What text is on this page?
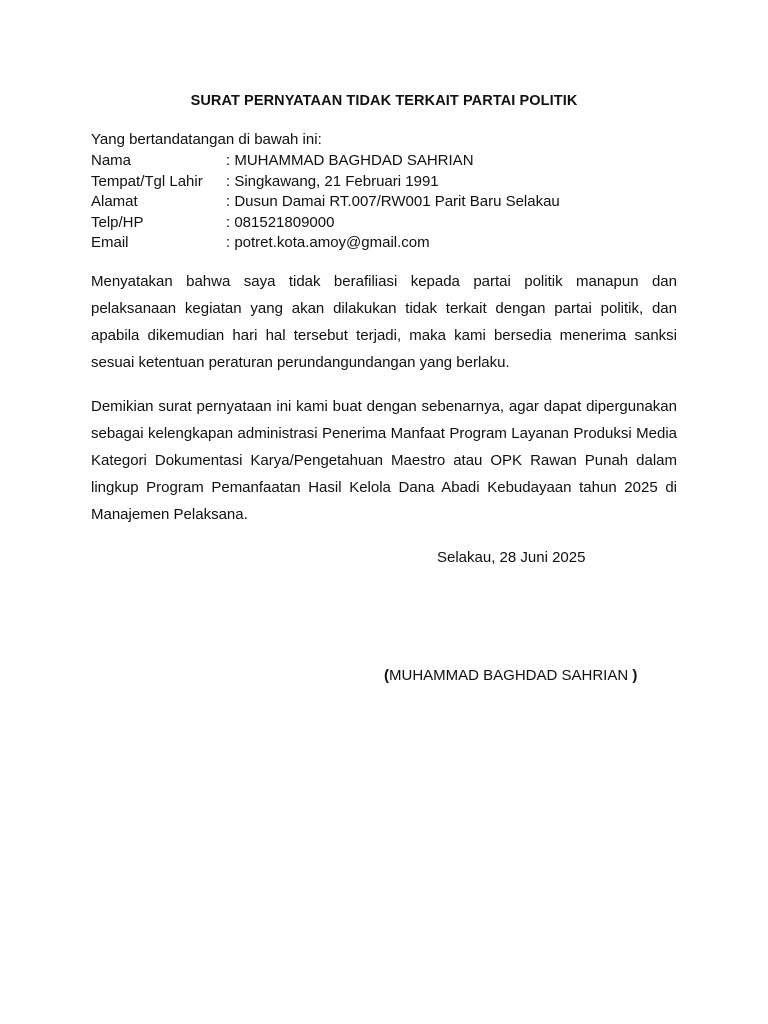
SURAT PERNYATAAN TIDAK TERKAIT PARTAI POLITIK
Yang bertandatangan di bawah ini:
Nama	: MUHAMMAD BAGHDAD SAHRIAN
Tempat/Tgl Lahir : Singkawang, 21 Februari 1991
Alamat	: Dusun Damai RT.007/RW001 Parit Baru Selakau
Telp/HP	: 081521809000
Email	: potret.kota.amoy@gmail.com

Menyatakan bahwa saya tidak berafiliasi kepada partai politik manapun dan pelaksanaan kegiatan yang akan dilakukan tidak terkait dengan partai politik, dan apabila dikemudian hari hal tersebut terjadi, maka kami bersedia menerima sanksi sesuai ketentuan peraturan perundangundangan yang berlaku.

Demikian surat pernyataan ini kami buat dengan sebenarnya, agar dapat dipergunakan sebagai kelengkapan administrasi Penerima Manfaat Program Layanan Produksi Media Kategori Dokumentasi Karya/Pengetahuan Maestro atau OPK Rawan Punah dalam lingkup Program Pemanfaatan Hasil Kelola Dana Abadi Kebudayaan tahun 2025 di Manajemen Pelaksana.

Selakau, 28 Juni 2025
(MUHAMMAD BAGHDAD SAHRIAN )
